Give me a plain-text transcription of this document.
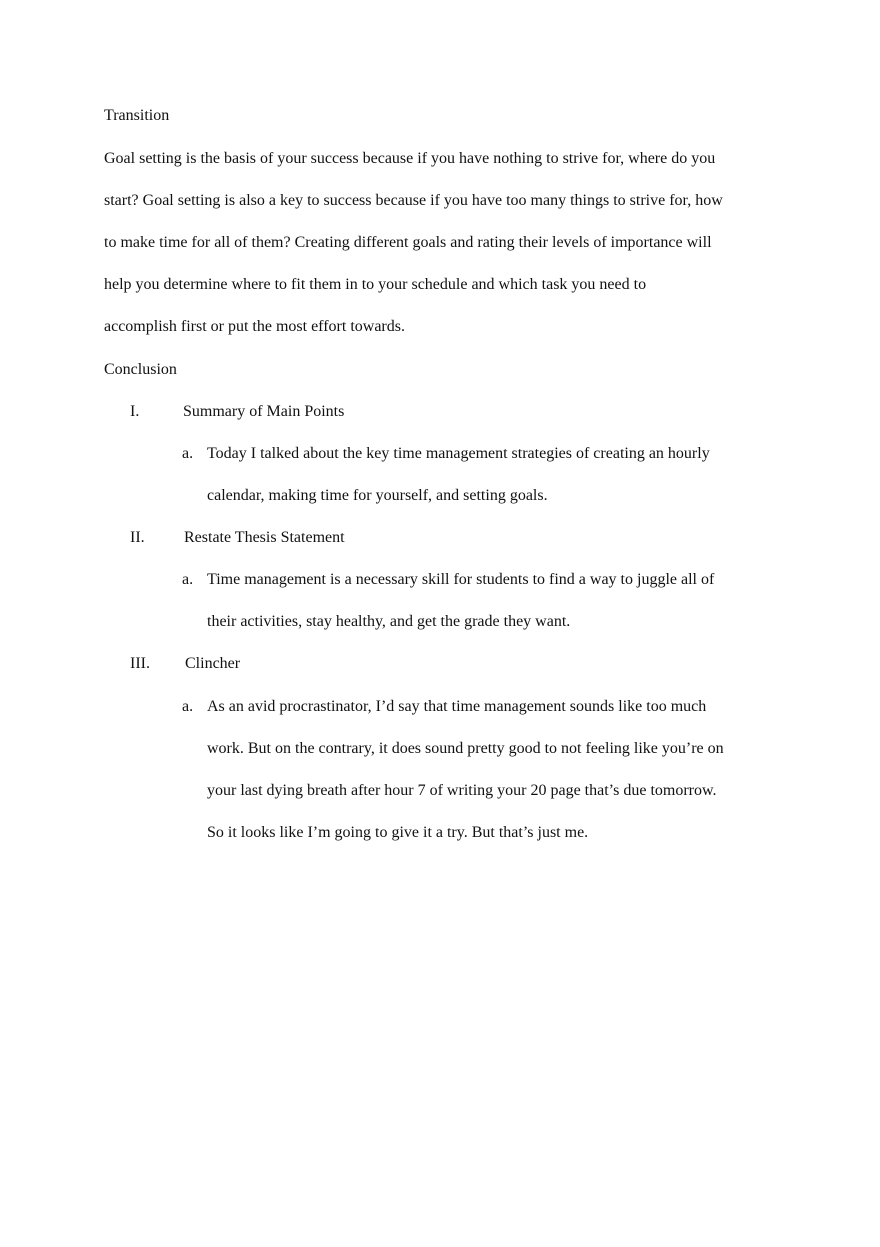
Transition
Goal setting is the basis of your success because if you have nothing to strive for, where do you
start? Goal setting is also a key to success because if you have too many things to strive for, how
to make time for all of them? Creating different goals and rating their levels of importance will
help you determine where to fit them in to your schedule and which task you need to
accomplish first or put the most effort towards.
Conclusion
I.	Summary of Main Points
a. Today I talked about the key time management strategies of creating an hourly
calendar, making time for yourself, and setting goals.
II. Restate Thesis Statement
a. Time management is a necessary skill for students to find a way to juggle all of
their activities, stay healthy, and get the grade they want.
III. Clincher
a. As an avid procrastinator, I’d say that time management sounds like too much
work. But on the contrary, it does sound pretty good to not feeling like you’re on
your last dying breath after hour 7 of writing your 20 page that’s due tomorrow.
So it looks like I’m going to give it a try. But that’s just me.
